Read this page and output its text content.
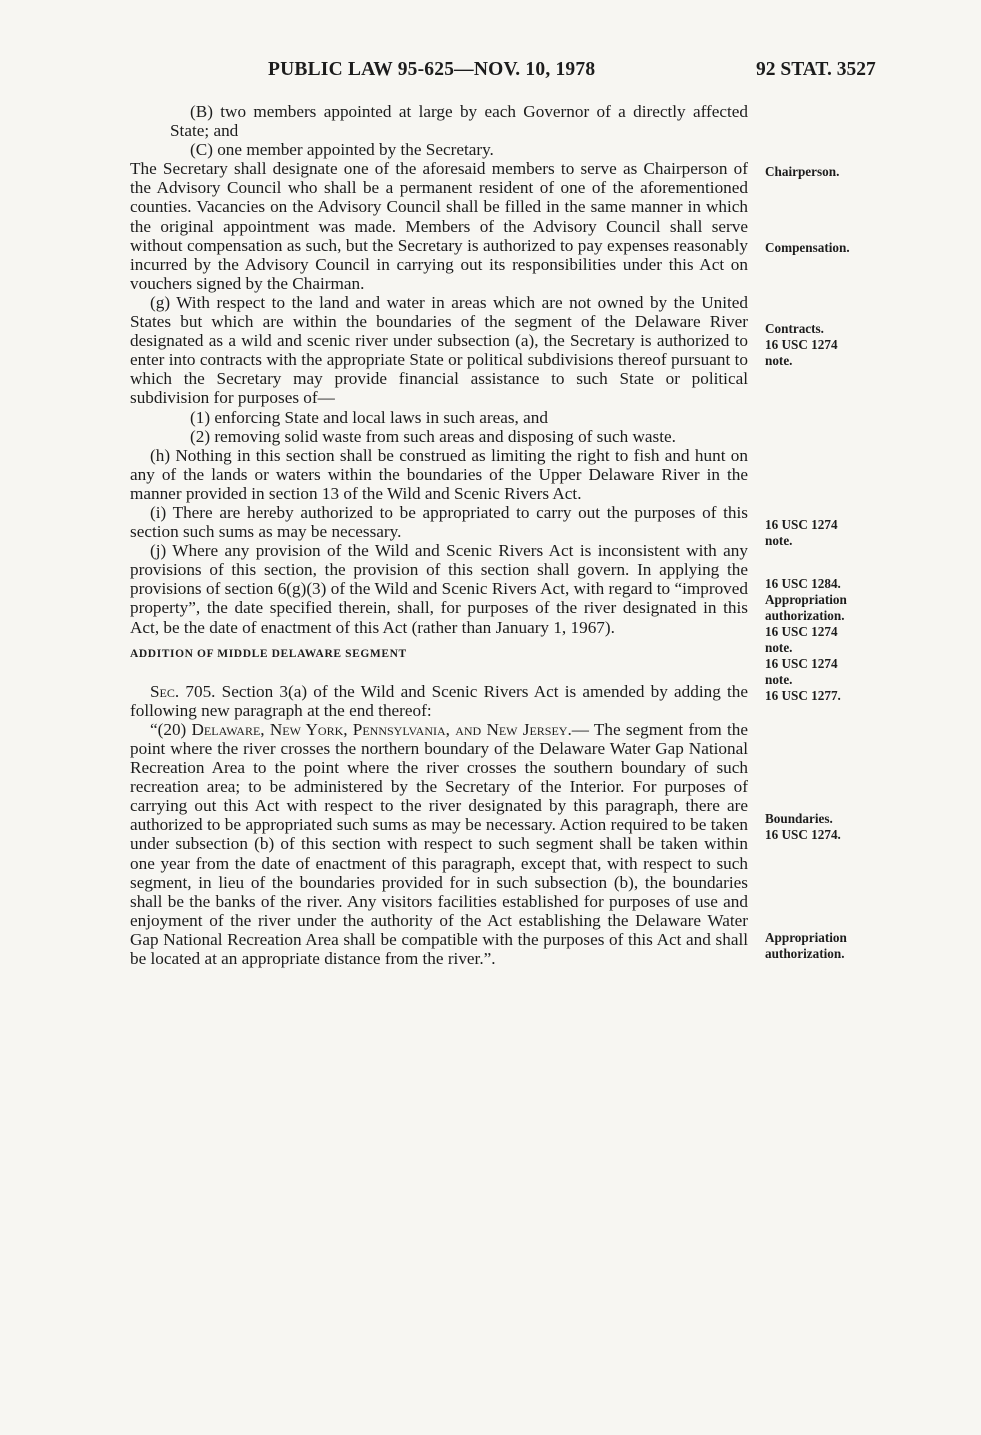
PUBLIC LAW 95-625—NOV. 10, 1978	92 STAT. 3527

(B) two members appointed at large by each Governor of a directly affected State; and

(C) one member appointed by the Secretary.

The Secretary shall designate one of the aforesaid members to serve as Chairperson of the Advisory Council who shall be a permanent resident of one of the aforementioned counties. Vacancies on the Advisory Council shall be filled in the same manner in which the original appointment was made. Members of the Advisory Council shall serve without compensation as such, but the Secretary is authorized to pay expenses reasonably incurred by the Advisory Council in carrying out its responsibilities under this Act on vouchers signed by the Chairman.

(g) With respect to the land and water in areas which are not owned by the United States but which are within the boundaries of the segment of the Delaware River designated as a wild and scenic river under subsection (a), the Secretary is authorized to enter into contracts with the appropriate State or political subdivisions thereof pursuant to which the Secretary may provide financial assistance to such State or political subdivision for purposes of—

(1) enforcing State and local laws in such areas, and

(2) removing solid waste from such areas and disposing of such waste.

(h) Nothing in this section shall be construed as limiting the right to fish and hunt on any of the lands or waters within the boundaries of the Upper Delaware River in the manner provided in section 13 of the Wild and Scenic Rivers Act.

(i) There are hereby authorized to be appropriated to carry out the purposes of this section such sums as may be necessary.

(j) Where any provision of the Wild and Scenic Rivers Act is inconsistent with any provisions of this section, the provision of this section shall govern. In applying the provisions of section 6(g)(3) of the Wild and Scenic Rivers Act, with regard to “improved property”, the date specified therein, shall, for purposes of the river designated in this Act, be the date of enactment of this Act (rather than January 1, 1967).

ADDITION OF MIDDLE DELAWARE SEGMENT

Sec. 705. Section 3(a) of the Wild and Scenic Rivers Act is amended by adding the following new paragraph at the end thereof:

“(20) Delaware, New York, Pennsylvania, and New Jersey.— The segment from the point where the river crosses the northern boundary of the Delaware Water Gap National Recreation Area to the point where the river crosses the southern boundary of such recreation area; to be administered by the Secretary of the Interior. For purposes of carrying out this Act with respect to the river designated by this paragraph, there are authorized to be appropriated such sums as may be necessary. Action required to be taken under subsection (b) of this section with respect to such segment shall be taken within one year from the date of enactment of this paragraph, except that, with respect to such segment, in lieu of the boundaries provided for in such subsection (b), the boundaries shall be the banks of the river. Any visitors facilities established for purposes of use and enjoyment of the river under the authority of the Act establishing the Delaware Water Gap National Recreation Area shall be compatible with the purposes of this Act and shall be located at an appropriate distance from the river.”.

Chairperson.
Compensation.
Contracts.
16 USC 1274
note.
16 USC 1274
note.
16 USC 1284.
Appropriation
authorization.
16 USC 1274
note.
16 USC 1274
note.
16 USC 1277.
Boundaries.
16 USC 1274.
Appropriation
authorization.
